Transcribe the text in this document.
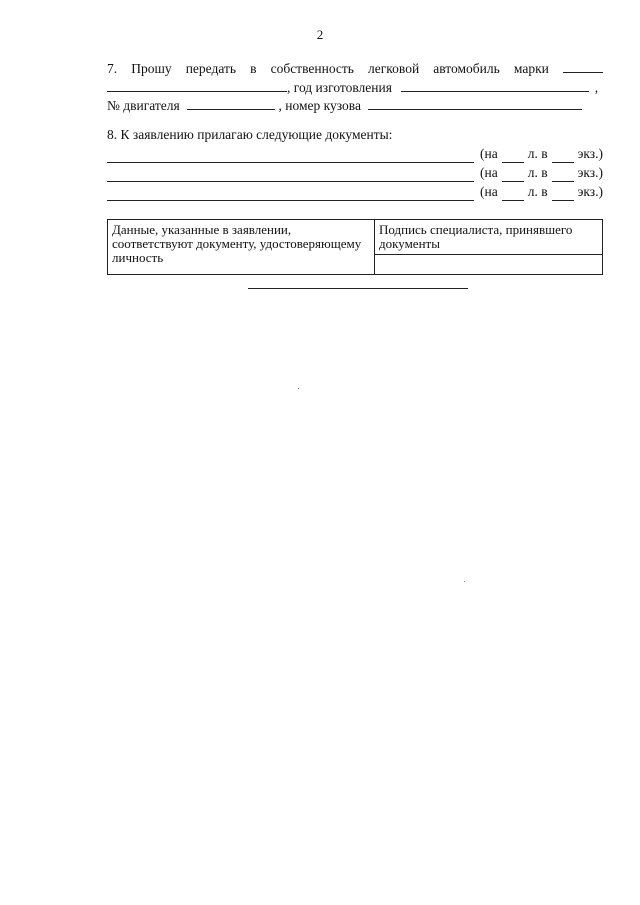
2
7. Прошу передать в собственность легковой автомобиль марки
, год изготовления	,
№ двигателя	, номер кузова
8. К заявлению прилагаю следующие документы:
(на л. в экз.)
(на л. в экз.)
(на л. в экз.)
Данные, указанные в заявлении, соответствуют документу, удостоверяющему личность	Подпись специалиста, принявшего документы
